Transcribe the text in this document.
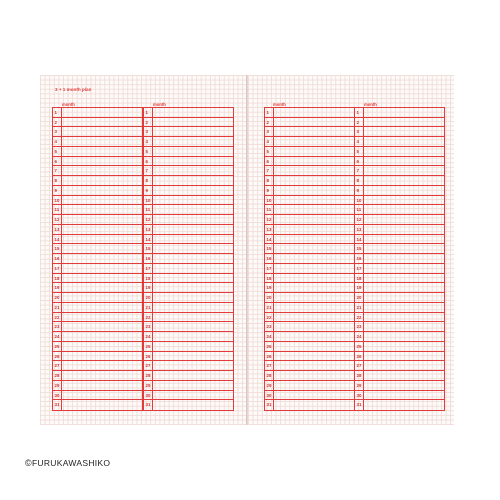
3 + 1 month plan
month	month
1
2
3
4
5
6
7
8
9
10
11
12
13
14
15
16
17
18
19
20
21
22
23
24
25
26
27
28
29
30
31
1
2
3
4
5
6
7
8
9
10
11
12
13
14
15
16
17
18
19
20
21
22
23
24
25
26
27
28
29
30
31
month	month
1
2
3
4
5
6
7
8
9
10
11
12
13
14
15
16
17
18
19
20
21
22
23
24
25
26
27
28
29
30
31
1
2
3
4
5
6
7
8
9
10
11
12
13
14
15
16
17
18
19
20
21
22
23
24
25
26
27
28
29
30
31
©FURUKAWASHIKO
